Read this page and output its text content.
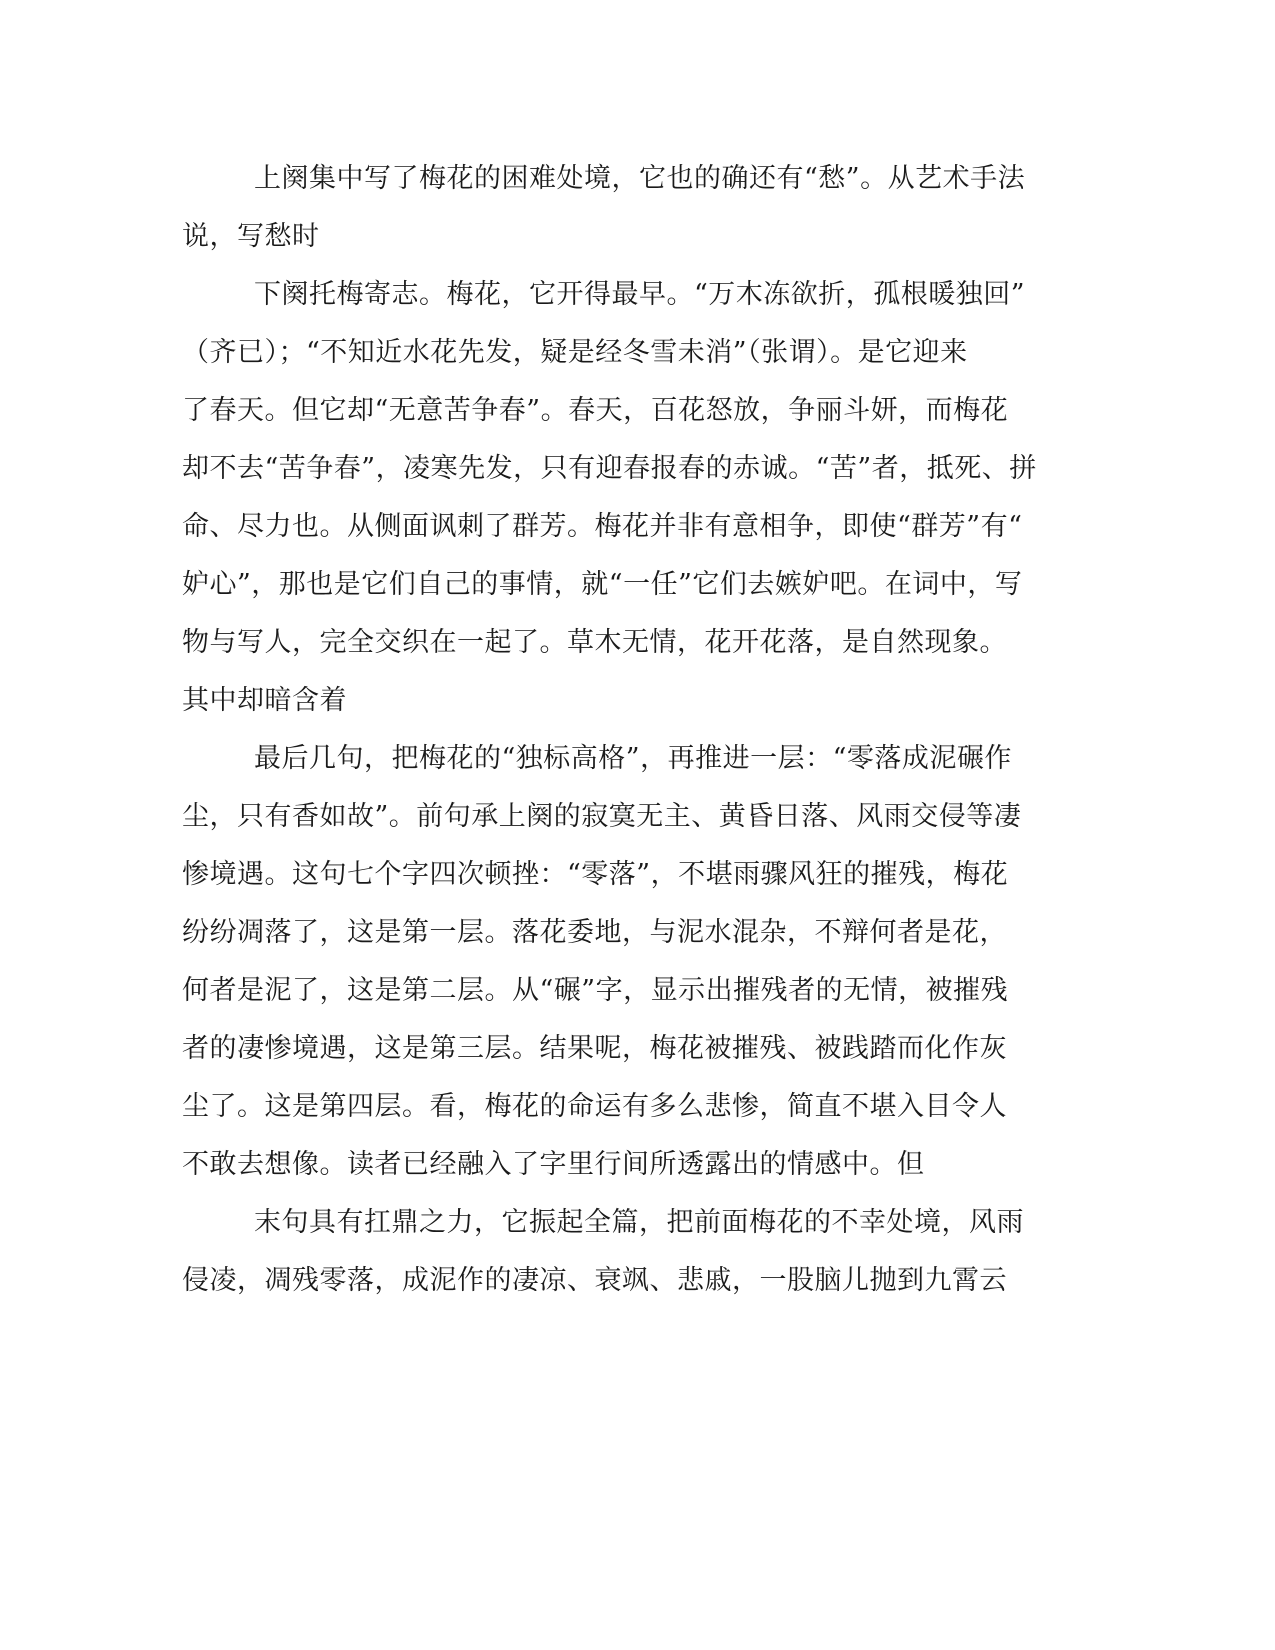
上阕集中写了梅花的困难处境，它也的确还有“愁”。从艺术手法
说，写愁时

下阕托梅寄志。梅花，它开得最早。“万木冻欲折，孤根暖独回”
（齐已）；“不知近水花先发，疑是经冬雪未消”（张谓）。是它迎来
了春天。但它却“无意苦争春”。春天，百花怒放，争丽斗妍，而梅花
却不去“苦争春”，凌寒先发，只有迎春报春的赤诚。“苦”者，抵死、拼
命、尽力也。从侧面讽刺了群芳。梅花并非有意相争，即使“群芳”有“
妒心”，那也是它们自己的事情，就“一任”它们去嫉妒吧。在词中，写
物与写人，完全交织在一起了。草木无情，花开花落，是自然现象。
其中却暗含着

最后几句，把梅花的“独标高格”，再推进一层：“零落成泥碾作
尘，只有香如故”。前句承上阕的寂寞无主、黄昏日落、风雨交侵等凄
惨境遇。这句七个字四次顿挫：“零落”，不堪雨骤风狂的摧残，梅花
纷纷凋落了，这是第一层。落花委地，与泥水混杂，不辩何者是花，
何者是泥了，这是第二层。从“碾”字，显示出摧残者的无情，被摧残
者的凄惨境遇，这是第三层。结果呢，梅花被摧残、被践踏而化作灰
尘了。这是第四层。看，梅花的命运有多么悲惨，简直不堪入目令人
不敢去想像。读者已经融入了字里行间所透露出的情感中。但

末句具有扛鼎之力，它振起全篇，把前面梅花的不幸处境，风雨
侵凌，凋残零落，成泥作的凄凉、衰飒、悲戚，一股脑儿抛到九霄云
